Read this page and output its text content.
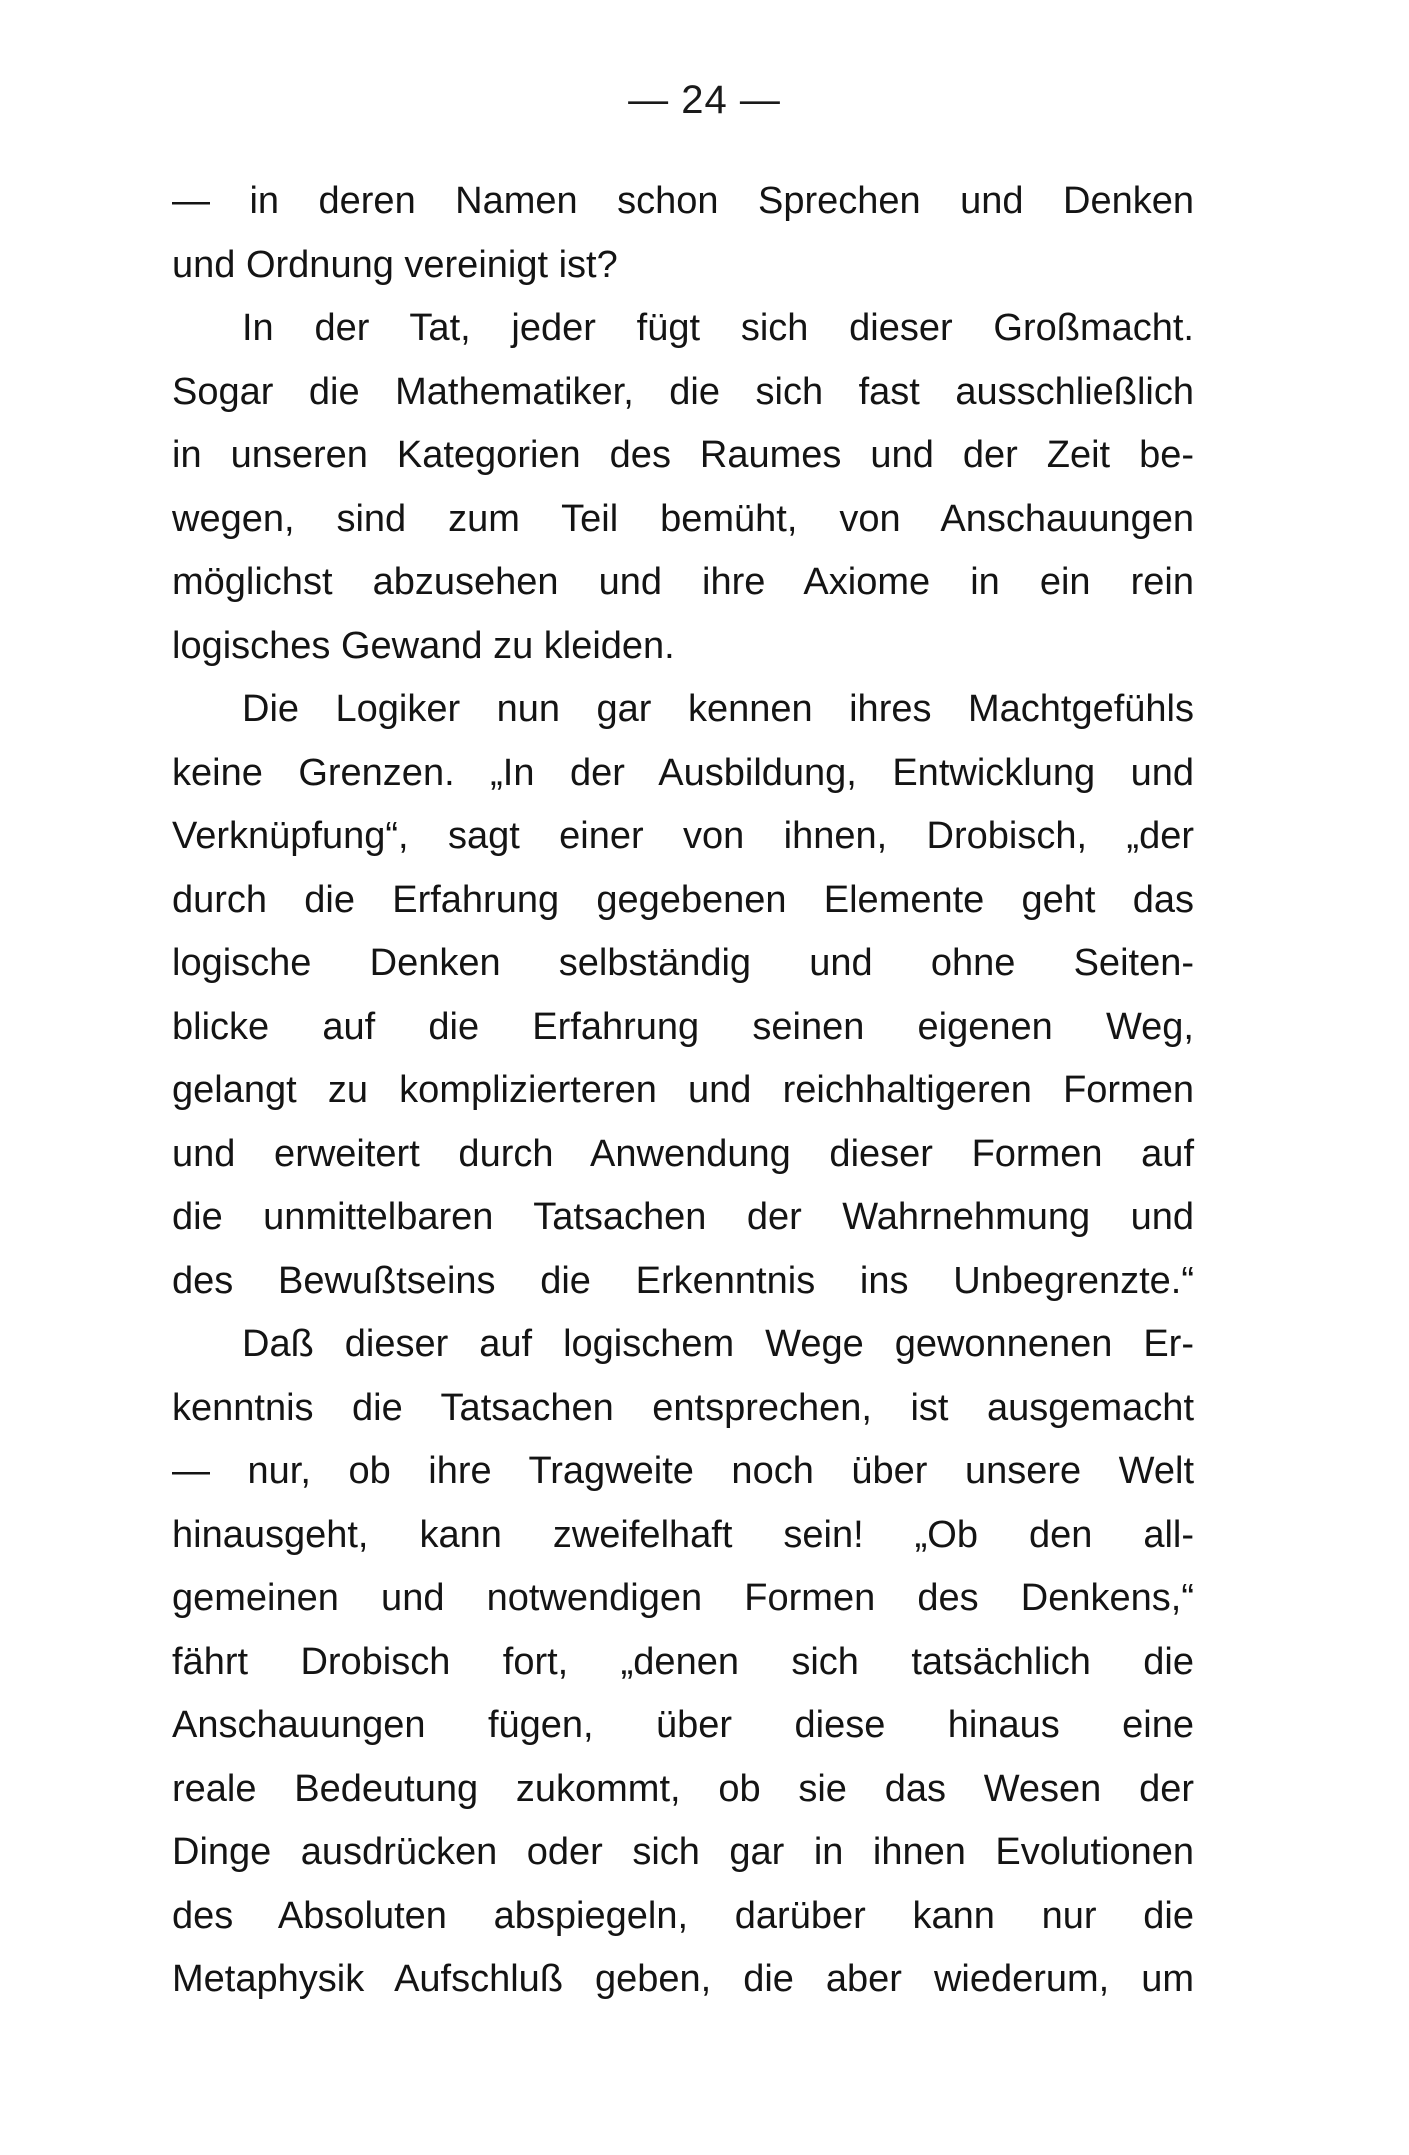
— 24 —
— in deren Namen schon Sprechen und Denken
und Ordnung vereinigt ist?
In der Tat, jeder fügt sich dieser Großmacht.
Sogar die Mathematiker, die sich fast ausschließlich
in unseren Kategorien des Raumes und der Zeit be-
wegen, sind zum Teil bemüht, von Anschauungen
möglichst abzusehen und ihre Axiome in ein rein
logisches Gewand zu kleiden.
Die Logiker nun gar kennen ihres Machtgefühls
keine Grenzen. „In der Ausbildung, Entwicklung und
Verknüpfung“, sagt einer von ihnen, Drobisch, „der
durch die Erfahrung gegebenen Elemente geht das
logische Denken selbständig und ohne Seiten-
blicke auf die Erfahrung seinen eigenen Weg,
gelangt zu komplizierteren und reichhaltigeren Formen
und erweitert durch Anwendung dieser Formen auf
die unmittelbaren Tatsachen der Wahrnehmung und
des Bewußtseins die Erkenntnis ins Unbegrenzte.“
Daß dieser auf logischem Wege gewonnenen Er-
kenntnis die Tatsachen entsprechen, ist ausgemacht
— nur, ob ihre Tragweite noch über unsere Welt
hinausgeht, kann zweifelhaft sein! „Ob den all-
gemeinen und notwendigen Formen des Denkens,“
fährt Drobisch fort, „denen sich tatsächlich die
Anschauungen fügen, über diese hinaus eine
reale Bedeutung zukommt, ob sie das Wesen der
Dinge ausdrücken oder sich gar in ihnen Evolutionen
des Absoluten abspiegeln, darüber kann nur die
Metaphysik Aufschluß geben, die aber wiederum, um
